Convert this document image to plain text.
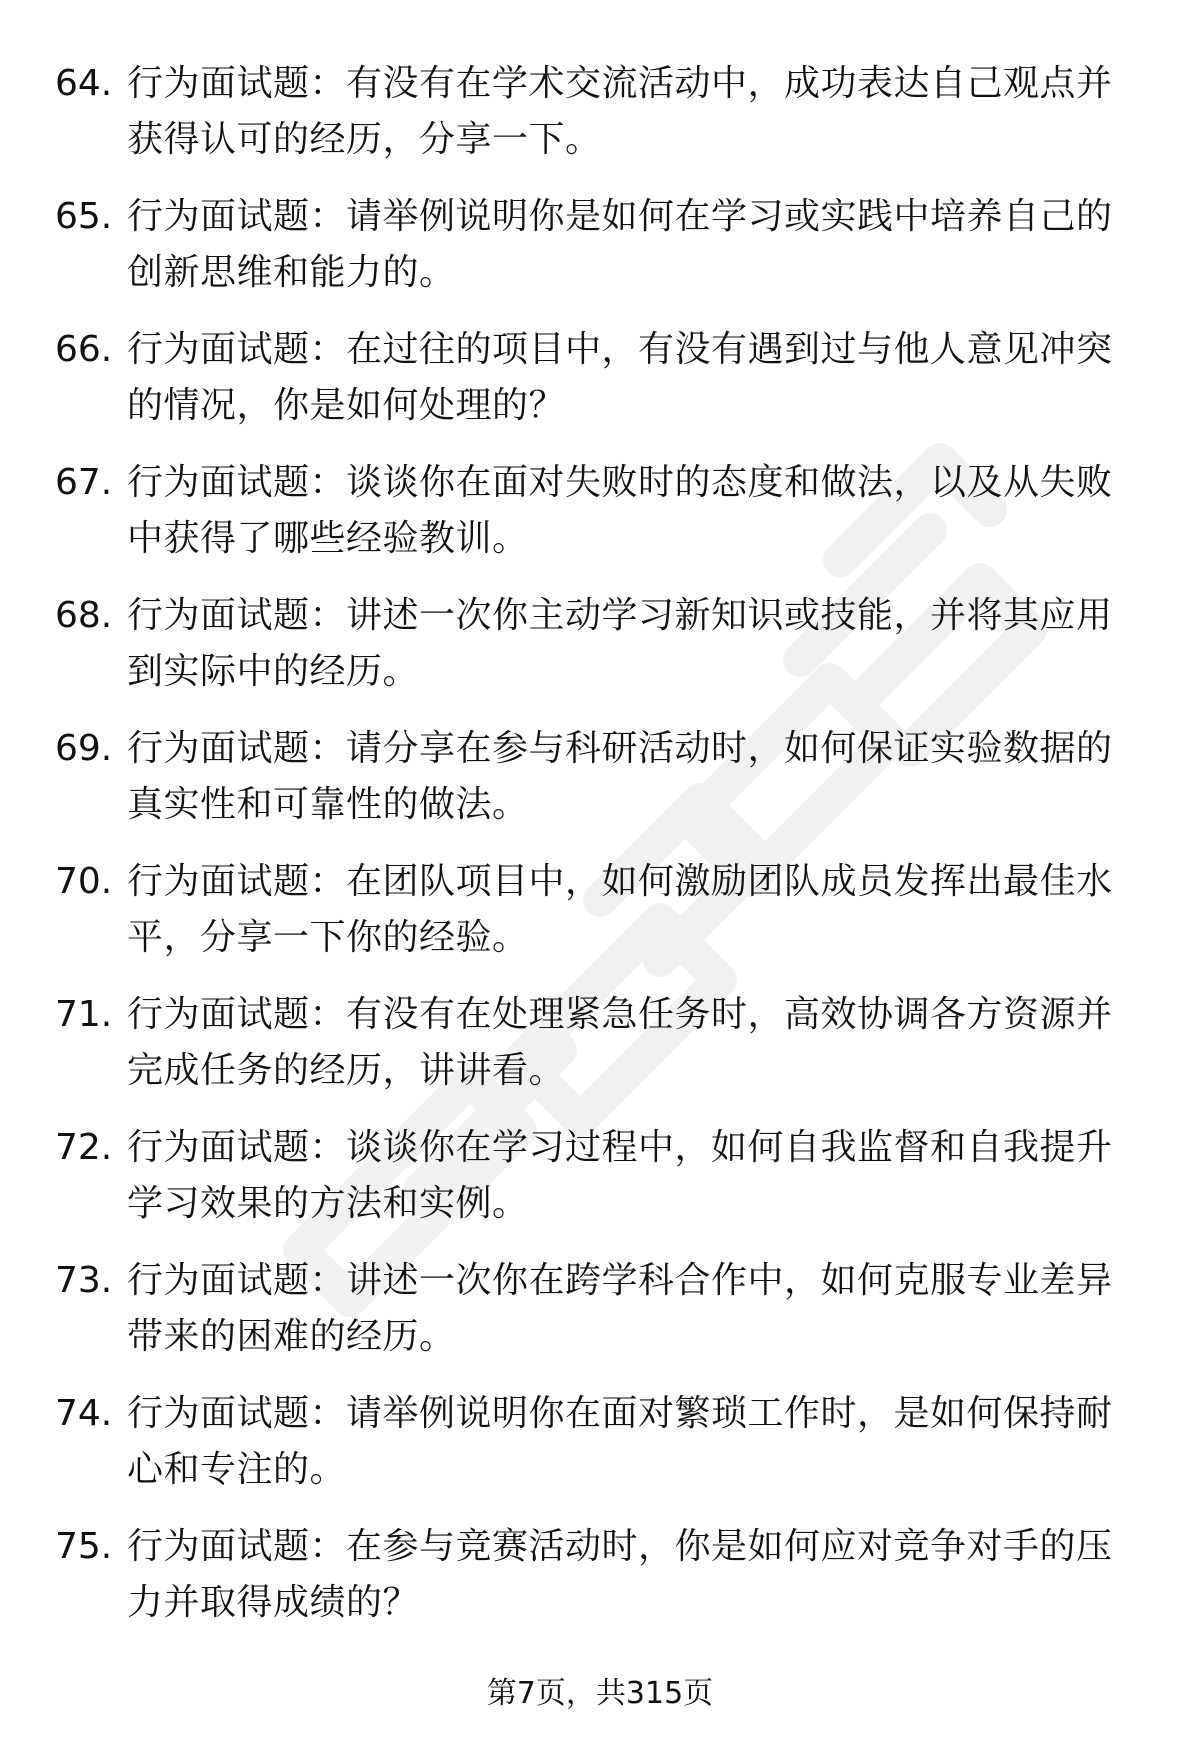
64. 行为面试题：有没有在学术交流活动中，成功表达自己观点并获得认可的经历，分享一下。
65. 行为面试题：请举例说明你是如何在学习或实践中培养自己的创新思维和能力的。
66. 行为面试题：在过往的项目中，有没有遇到过与他人意见冲突的情况，你是如何处理的？
67. 行为面试题：谈谈你在面对失败时的态度和做法，以及从失败中获得了哪些经验教训。
68. 行为面试题：讲述一次你主动学习新知识或技能，并将其应用到实际中的经历。
69. 行为面试题：请分享在参与科研活动时，如何保证实验数据的真实性和可靠性的做法。
70. 行为面试题：在团队项目中，如何激励团队成员发挥出最佳水平，分享一下你的经验。
71. 行为面试题：有没有在处理紧急任务时，高效协调各方资源并完成任务的经历，讲讲看。
72. 行为面试题：谈谈你在学习过程中，如何自我监督和自我提升学习效果的方法和实例。
73. 行为面试题：讲述一次你在跨学科合作中，如何克服专业差异带来的困难的经历。
74. 行为面试题：请举例说明你在面对繁琐工作时，是如何保持耐心和专注的。
75. 行为面试题：在参与竞赛活动时，你是如何应对竞争对手的压力并取得成绩的？
第7页，共315页
